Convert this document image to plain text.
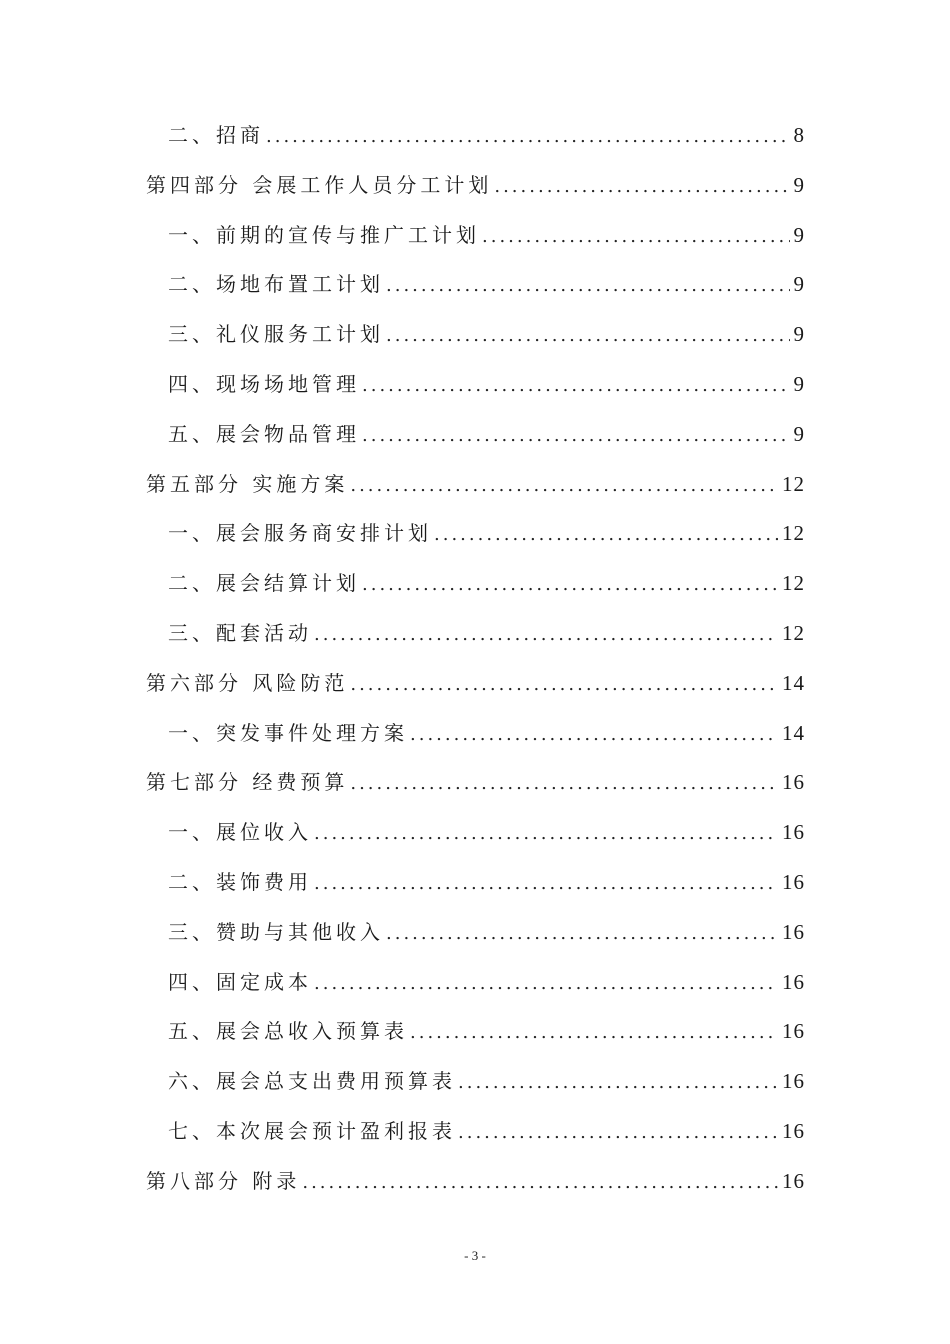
二、招商 .....	8
第四部分 会展工作人员分工计划 .....	9
一、前期的宣传与推广工计划 .....	9
二、场地布置工计划 .....	9
三、礼仪服务工计划 .....	9
四、现场场地管理 .....	9
五、展会物品管理 .....	9
第五部分 实施方案 .....	12
一、展会服务商安排计划 .....	12
二、展会结算计划 .....	12
三、配套活动 .....	12
第六部分 风险防范 .....	14
一、突发事件处理方案 .....	14
第七部分 经费预算 .....	16
一、展位收入 .....	16
二、装饰费用 .....	16
三、赞助与其他收入 .....	16
四、固定成本 .....	16
五、展会总收入预算表 .....	16
六、展会总支出费用预算表 .....	16
七、本次展会预计盈利报表 .....	16
第八部分 附录 .....	16
- 3 -
